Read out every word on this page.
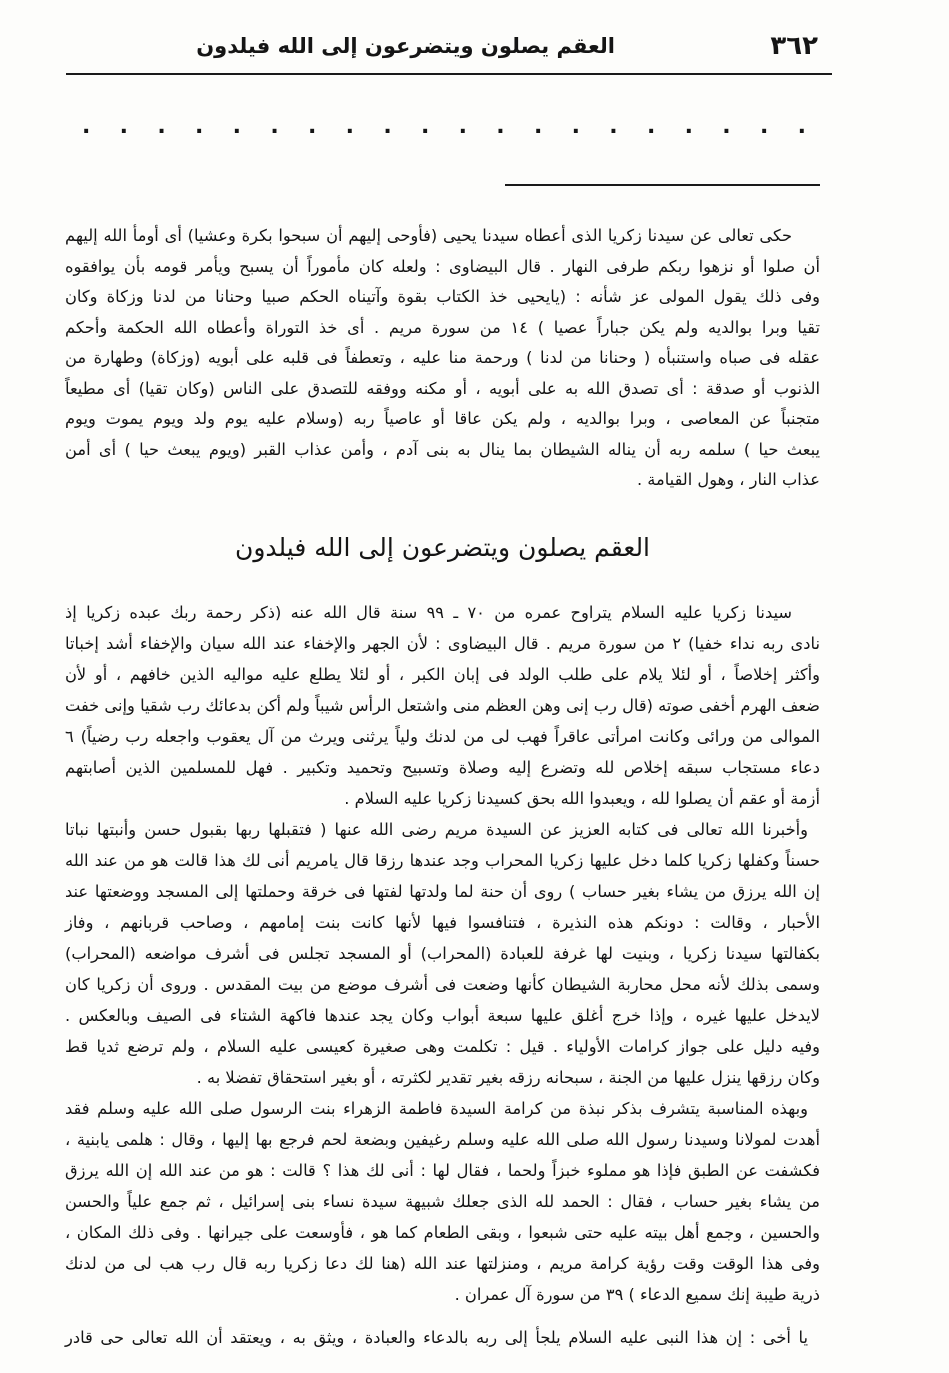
٣٦٢
العقم يصلون ويتضرعون إلى الله فيلدون
. . . . . . . . . . . . . . . . . . . .
حكى تعالى عن سيدنا زكريا الذى أعطاه سيدنا يحيى (فأوحى إليهم أن سبحوا بكرة وعشيا) أى أومأ الله إليهم
أن صلوا أو نزهوا ربكم طرفى النهار . قال البيضاوى : ولعله كان مأموراً أن يسبح ويأمر قومه بأن يوافقوه
وفى ذلك يقول المولى عز شأنه : (يايحيى خذ الكتاب بقوة وآتيناه الحكم صبيا وحنانا من لدنا وزكاة وكان
تقيا وبرا بوالديه ولم يكن جباراً عصيا ) ١٤ من سورة مريم . أى خذ التوراة وأعطاه الله الحكمة وأحكم
عقله فى صباه واستنبأه ( وحنانا من لدنا ) ورحمة منا عليه ، وتعطفاً فى قلبه على أبويه (وزكاة) وطهارة من
الذنوب أو صدقة : أى تصدق الله به على أبويه ، أو مكنه ووفقه للتصدق على الناس (وكان تقيا) أى مطيعاً
متجنباً عن المعاصى ، وبرا بوالديه ، ولم يكن عاقا أو عاصياً ربه (وسلام عليه يوم ولد ويوم يموت ويوم
يبعث حيا ) سلمه ربه أن يناله الشيطان بما ينال به بنى آدم ، وأمن عذاب القبر (ويوم يبعث حيا ) أى أمن
عذاب النار ، وهول القيامة .
العقم يصلون ويتضرعون إلى الله فيلدون
سيدنا زكريا عليه السلام يتراوح عمره من ٧٠ ـ ٩٩ سنة قال الله عنه (ذكر رحمة ربك عبده زكريا إذ
نادى ربه نداء خفيا) ٢ من سورة مريم . قال البيضاوى : لأن الجهر والإخفاء عند الله سيان والإخفاء أشد إخباتا
وأكثر إخلاصاً ، أو لئلا يلام على طلب الولد فى إبان الكبر ، أو لئلا يطلع عليه مواليه الذين خافهم ، أو لأن
ضعف الهرم أخفى صوته (قال رب إنى وهن العظم منى واشتعل الرأس شيباً ولم أكن بدعائك رب شقيا وإنى خفت
الموالى من ورائى وكانت امرأتى عاقراً فهب لى من لدنك ولياً يرثنى ويرث من آل يعقوب واجعله رب رضياً) ٦
دعاء مستجاب سبقه إخلاص لله وتضرع إليه وصلاة وتسبيح وتحميد وتكبير . فهل للمسلمين الذين أصابتهم
أزمة أو عقم أن يصلوا لله ، ويعبدوا الله بحق كسيدنا زكريا عليه السلام .
وأخبرنا الله تعالى فى كتابه العزيز عن السيدة مريم رضى الله عنها ( فتقبلها ربها بقبول حسن وأنبتها نباتا
حسناً وكفلها زكريا كلما دخل عليها زكريا المحراب وجد عندها رزقا قال يامريم أنى لك هذا قالت هو من عند الله
إن الله يرزق من يشاء بغير حساب ) روى أن حنة لما ولدتها لفتها فى خرقة وحملتها إلى المسجد ووضعتها عند
الأحبار ، وقالت : دونكم هذه النذيرة ، فتنافسوا فيها لأنها كانت بنت إمامهم ، وصاحب قربانهم ، وفاز
بكفالتها سيدنا زكريا ، وبنيت لها غرفة للعبادة (المحراب) أو المسجد تجلس فى أشرف مواضعه (المحراب)
وسمى بذلك لأنه محل محاربة الشيطان كأنها وضعت فى أشرف موضع من بيت المقدس . وروى أن زكريا كان
لايدخل عليها غيره ، وإذا خرج أغلق عليها سبعة أبواب وكان يجد عندها فاكهة الشتاء فى الصيف وبالعكس .
وفيه دليل على جواز كرامات الأولياء . قيل : تكلمت وهى صغيرة كعيسى عليه السلام ، ولم ترضع ثديا قط
وكان رزقها ينزل عليها من الجنة ، سبحانه رزقه بغير تقدير لكثرته ، أو بغير استحقاق تفضلا به .
وبهذه المناسبة يتشرف بذكر نبذة من كرامة السيدة فاطمة الزهراء بنت الرسول صلى الله عليه وسلم فقد
أهدت لمولانا وسيدنا رسول الله صلى الله عليه وسلم رغيفين وبضعة لحم فرجع بها إليها ، وقال : هلمى يابنية ،
فكشفت عن الطبق فإذا هو مملوء خبزاً ولحما ، فقال لها : أنى لك هذا ؟ قالت : هو من عند الله إن الله يرزق
من يشاء بغير حساب ، فقال : الحمد لله الذى جعلك شبيهة سيدة نساء بنى إسرائيل ، ثم جمع علياً والحسن
والحسين ، وجمع أهل بيته عليه حتى شبعوا ، وبقى الطعام كما هو ، فأوسعت على جيرانها . وفى ذلك المكان ،
وفى هذا الوقت وقت رؤية كرامة مريم ، ومنزلتها عند الله (هنا لك دعا زكريا ربه قال رب هب لى من لدنك
ذرية طيبة إنك سميع الدعاء ) ٣٩ من سورة آل عمران .
يا أخى : إن هذا النبى عليه السلام يلجأ إلى ربه بالدعاء والعبادة ، ويثق به ، ويعتقد أن الله تعالى حى قادر
